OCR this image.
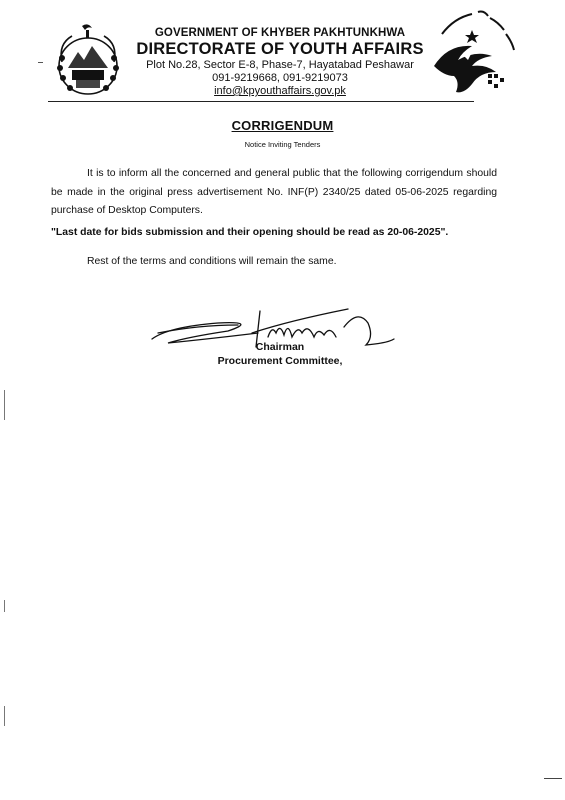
GOVERNMENT OF KHYBER PAKHTUNKHWA
DIRECTORATE OF YOUTH AFFAIRS
Plot No.28, Sector E-8, Phase-7, Hayatabad Peshawar
091-9219668, 091-9219073
info@kpyouthaffairs.gov.pk
CORRIGENDUM
Notice Inviting Tenders
It is to inform all the concerned and general public that the following corrigendum should be made in the original press advertisement No. INF(P) 2340/25 dated 05-06-2025 regarding purchase of Desktop Computers.
"Last date for bids submission and their opening should be read as 20-06-2025".
Rest of the terms and conditions will remain the same.
Chairman
Procurement Committee,
